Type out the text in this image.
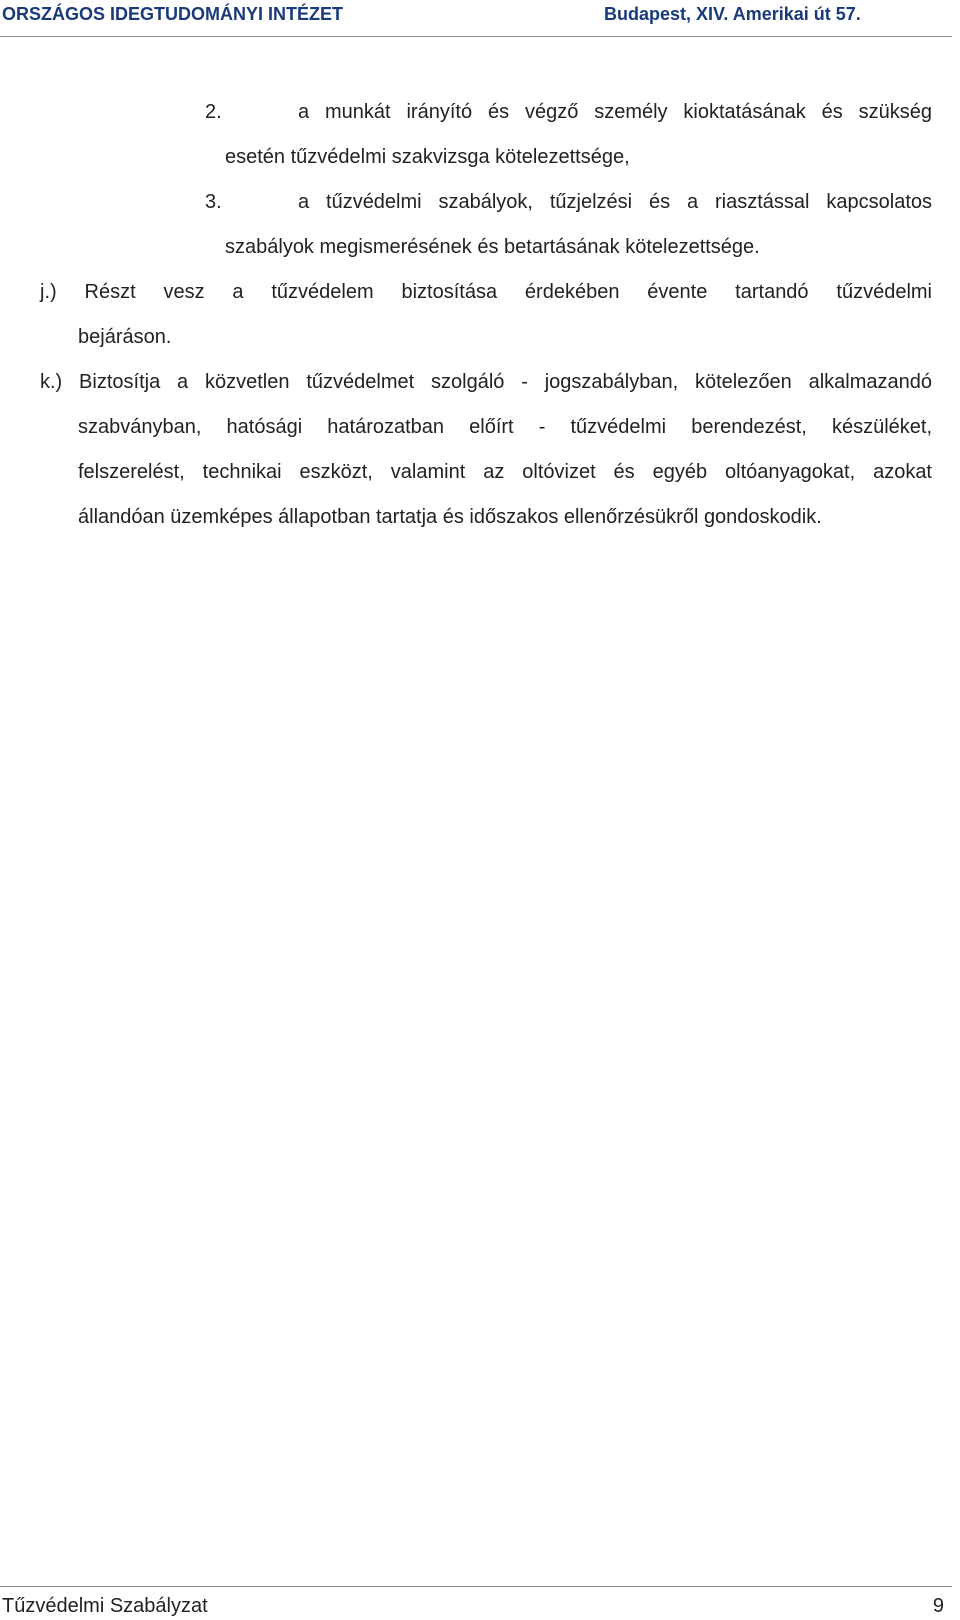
ORSZÁGOS IDEGTUDOMÁNYI INTÉZET	Budapest, XIV. Amerikai út 57.
2.	a munkát irányító és végző személy kioktatásának és szükség
esetén tűzvédelmi szakvizsga kötelezettsége,
3.	a tűzvédelmi szabályok, tűzjelzési és a riasztással kapcsolatos
szabályok megismerésének és betartásának kötelezettsége.
j.) Részt vesz a tűzvédelem biztosítása érdekében évente tartandó tűzvédelmi
bejáráson.
k.) Biztosítja a közvetlen tűzvédelmet szolgáló - jogszabályban, kötelezően alkalmazandó
szabványban, hatósági határozatban előírt - tűzvédelmi berendezést, készüléket,
felszerelést, technikai eszközt, valamint az oltóvizet és egyéb oltóanyagokat, azokat
állandóan üzemképes állapotban tartatja és időszakos ellenőrzésükről gondoskodik.
Tűzvédelmi Szabályzat	9
